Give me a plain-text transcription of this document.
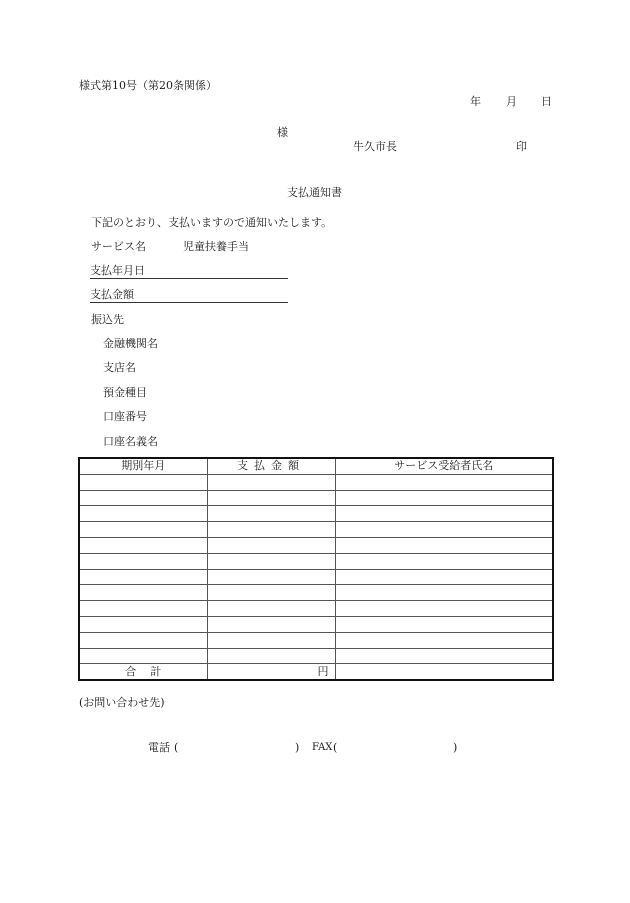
様式第10号（第20条関係）
年 月 日
様
牛久市長	印
支払通知書
下記のとおり、支払いますので通知いたします。
サービス名	児童扶養手当
支払年月日
支払金額
振込先
金融機関名
支店名
預金種目
口座番号
口座名義名
期別年月	支払金額	サービス受給者氏名

合計	円	
(お問い合わせ先)
電話 (	) FAX (	)
